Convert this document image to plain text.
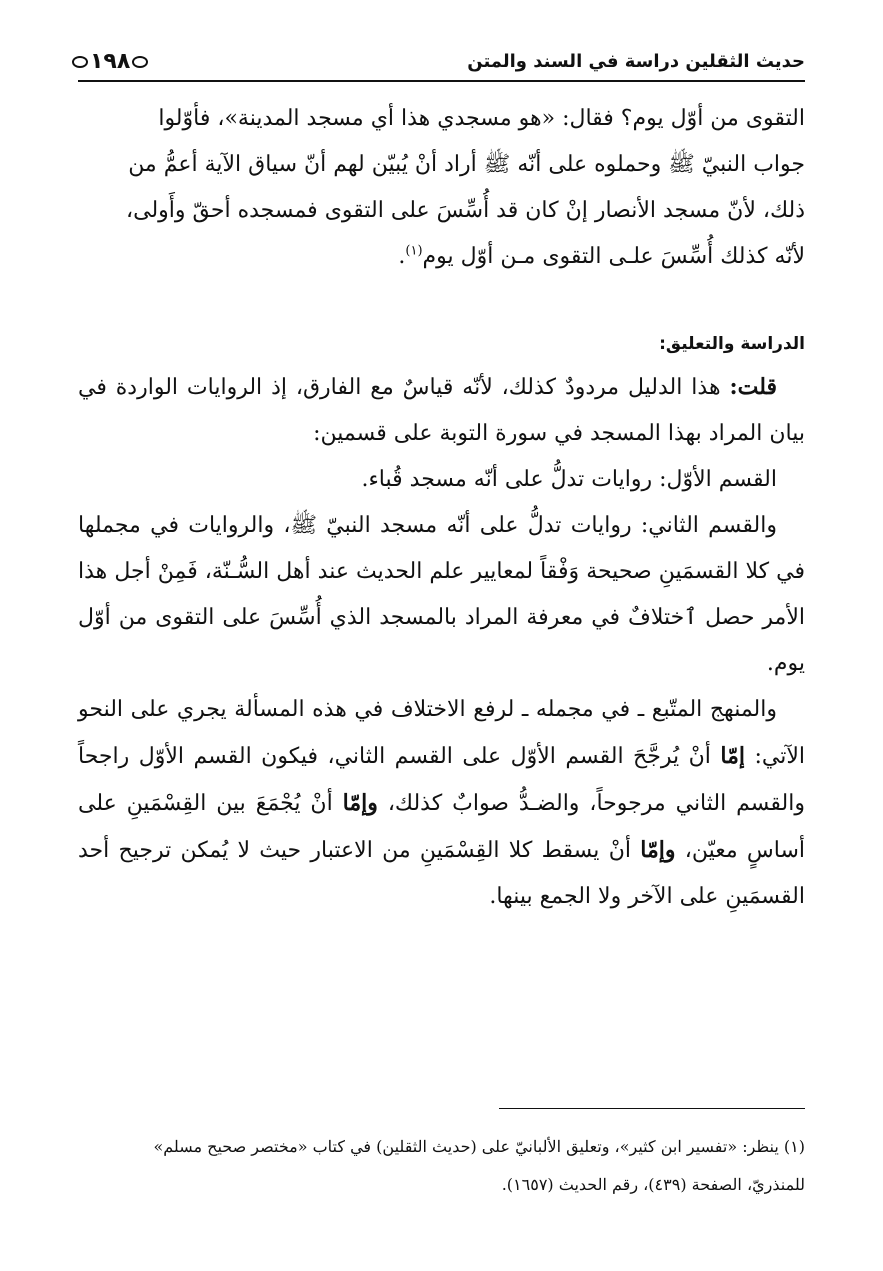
حديث الثقلين دراسة في السند والمتن
١٩٨

التقوى من أوّل يوم؟ فقال: «هو مسجدي هذا أي مسجد المدينة»، فأوّلوا

جواب النبيّ ﷺ وحملوه على أنّه ﷺ أراد أنْ يُبيّن لهم أنّ سياق الآية أعمُّ من

ذلك، لأنّ مسجد الأنصار إنْ كان قد أُسِّسَ على التقوى فمسجده أحقّ وأَولى،

لأنّه كذلك أُسِّسَ علـى التقوى مـن أوّل يوم$^{(١)}$.

الدراسة والتعليق:

قلت: هذا الدليل مردودٌ كذلك، لأنّه قياسٌ مع الفارق، إذ الروايات الواردة في بيان المراد بهذا المسجد في سورة التوبة على قسمين:

القسم الأوّل: روايات تدلُّ على أنّه مسجد قُباء.

والقسم الثاني: روايات تدلُّ على أنّه مسجد النبيّ ﷺ، والروايات في مجملها في كلا القسمَينِ صحيحة وَفْقاً لمعايير علم الحديث عند أهل السُّـنّة، فَمِنْ أجل هذا الأمر حصل ٱختلافٌ في معرفة المراد بالمسجد الذي أُسِّسَ على التقوى من أوّل يوم.

والمنهج المتّبع ـ في مجمله ـ لرفع الاختلاف في هذه المسألة يجري على النحو الآتي: إمّا أنْ يُرجَّحَ القسم الأوّل على القسم الثاني، فيكون القسم الأوّل راجحاً والقسم الثاني مرجوحاً، والضـدُّ صوابٌ كذلك، وإمّا أنْ يُجْمَعَ بين القِسْمَينِ على أساسٍ معيّن، وإمّا أنْ يسقط كلا القِسْمَينِ من الاعتبار حيث لا يُمكن ترجيح أحد القسمَينِ على الآخر ولا الجمع بينها.

(١) ينظر: «تفسير ابن كثير»، وتعليق الألبانيّ على (حديث الثقلين) في كتاب «مختصر صحيح مسلم»

للمنذريّ، الصفحة (٤٣٩)، رقم الحديث (١٦٥٧).
